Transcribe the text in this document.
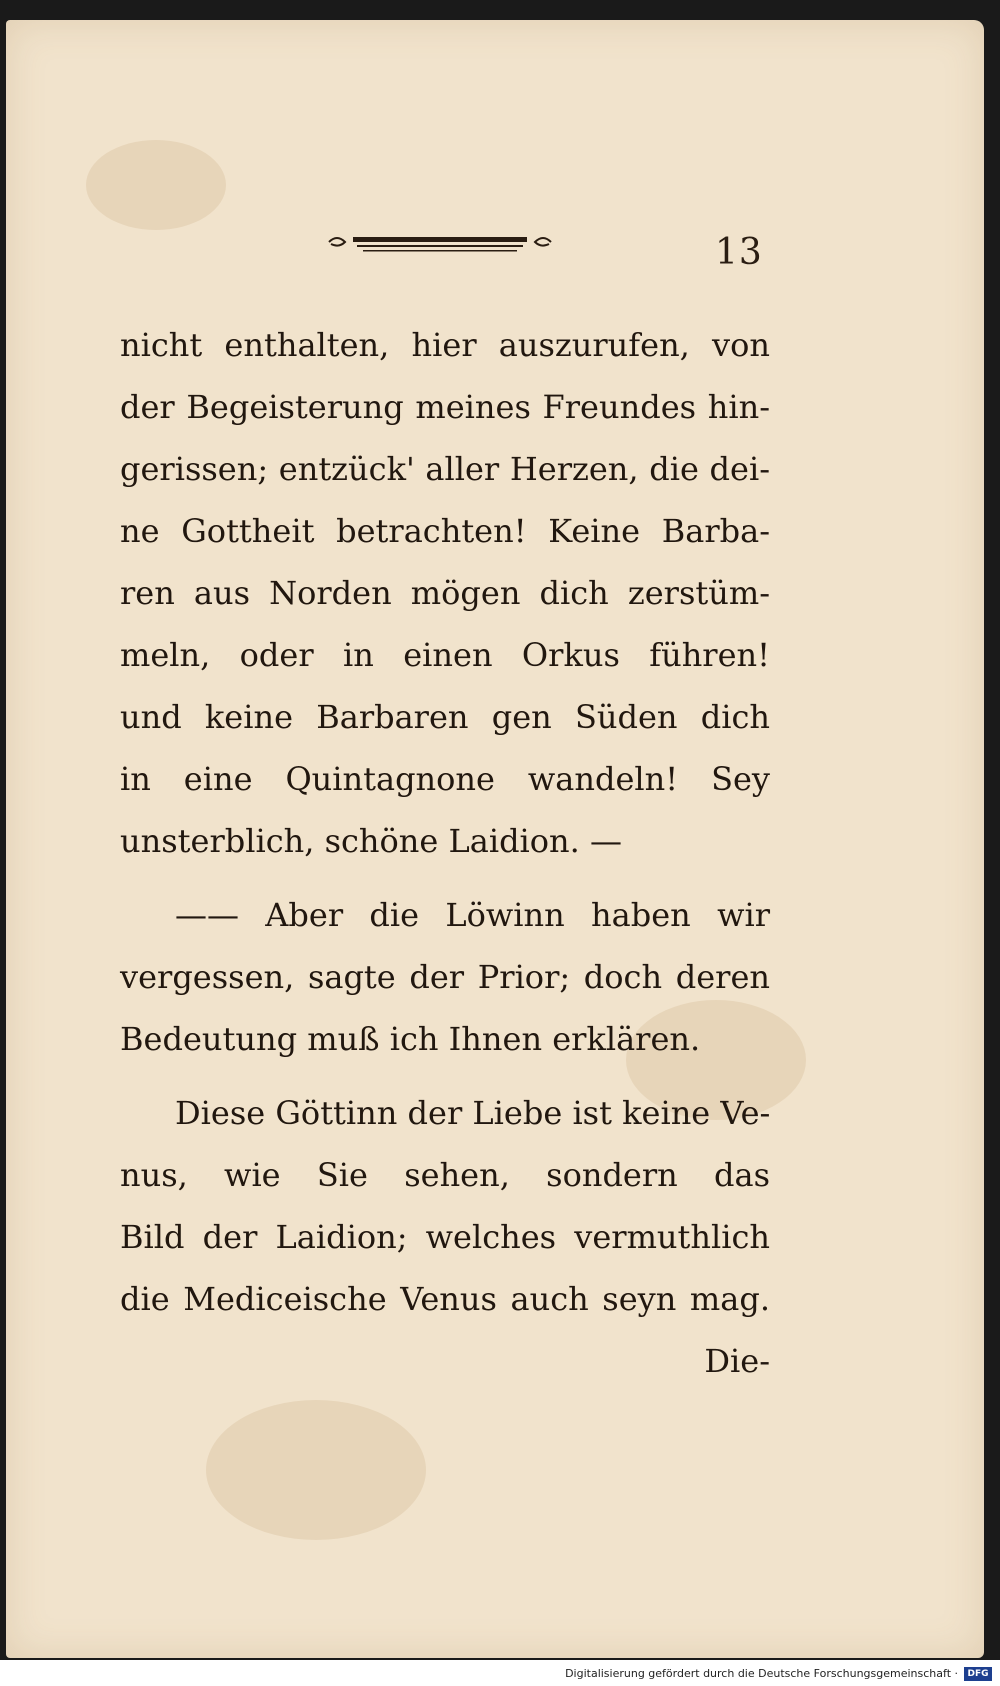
13
nicht enthalten, hier auszurufen, von
der Begeisterung meines Freundes hin-
gerissen; entzück' aller Herzen, die dei-
ne Gottheit betrachten! Keine Barba-
ren aus Norden mögen dich zerstüm-
meln, oder in einen Orkus führen!
und keine Barbaren gen Süden dich
in eine Quintagnone wandeln! Sey
unsterblich, schöne Laidion. —
—— Aber die Löwinn haben wir
vergessen, sagte der Prior; doch deren
Bedeutung muß ich Ihnen erklären.
Diese Göttinn der Liebe ist keine Ve-
nus, wie Sie sehen, sondern das
Bild der Laidion; welches vermuthlich
die Mediceische Venus auch seyn mag.
Die-
Digitalisierung gefördert durch die Deutsche Forschungsgemeinschaft ·	DFG
